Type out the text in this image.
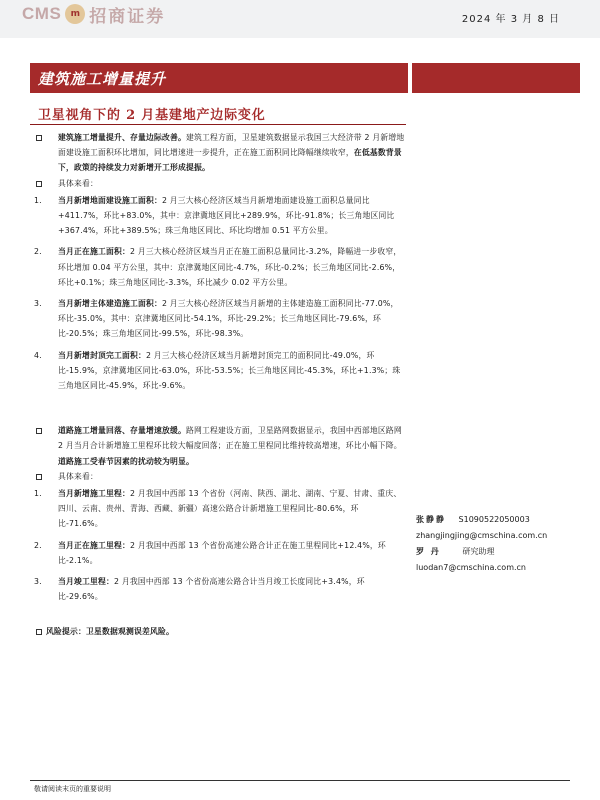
CMS	m 招商证券	2024 年 3 月 8 日
建筑施工增量提升
卫星视角下的 2 月基建地产边际变化
建筑施工增量提升、存量边际改善。建筑工程方面，卫星建筑数据显示我国三大经济带 2 月新增地面建设施工面积环比增加，同比增速进一步提升，正在施工面积同比降幅继续收窄，在低基数背景下，政策的持续发力对新增开工形成提振。
具体来看：
1. 当月新增地面建设施工面积：2 月三大核心经济区域当月新增地面建设施工面积总量同比+411.7%，环比+83.0%，其中：京津冀地区同比+289.9%，环比-91.8%；长三角地区同比+367.4%，环比+389.5%；珠三角地区同比、环比均增加 0.51 平方公里。
2. 当月正在施工面积：2 月三大核心经济区域当月正在施工面积总量同比-3.2%，降幅进一步收窄，环比增加 0.04 平方公里，其中：京津冀地区同比-4.7%，环比-0.2%；长三角地区同比-2.6%，环比+0.1%；珠三角地区同比-3.3%，环比减少 0.02 平方公里。
3. 当月新增主体建造施工面积：2 月三大核心经济区域当月新增的主体建造施工面积同比-77.0%，环比-35.0%，其中：京津冀地区同比-54.1%，环比-29.2%；长三角地区同比-79.6%，环比-20.5%；珠三角地区同比-99.5%，环比-98.3%。
4. 当月新增封顶完工面积：2 月三大核心经济区域当月新增封顶完工的面积同比-49.0%，环比-15.9%，京津冀地区同比-63.0%，环比-53.5%；长三角地区同比-45.3%，环比+1.3%；珠三角地区同比-45.9%，环比-9.6%。
道路施工增量回落、存量增速放缓。路网工程建设方面，卫星路网数据显示，我国中西部地区路网 2 月当月合计新增施工里程环比较大幅度回落；正在施工里程同比维持较高增速，环比小幅下降。道路施工受春节因素的扰动较为明显。
具体来看：
1. 当月新增施工里程：2 月我国中西部 13 个省份（河南、陕西、湖北、湖南、宁夏、甘肃、重庆、四川、云南、贵州、青海、西藏、新疆）高速公路合计新增施工里程同比-80.6%，环比-71.6%。
2. 当月正在施工里程：2 月我国中西部 13 个省份高速公路合计正在施工里程同比+12.4%，环比-2.1%。
3. 当月竣工里程：2 月我国中西部 13 个省份高速公路合计当月竣工长度同比+3.4%，环比-29.6%。
风险提示：卫星数据观测误差风险。
张静静 S1090522050003
zhangjingjing@cmschina.com.cn
罗 丹	研究助理
luodan7@cmschina.com.cn
敬请阅读末页的重要说明
